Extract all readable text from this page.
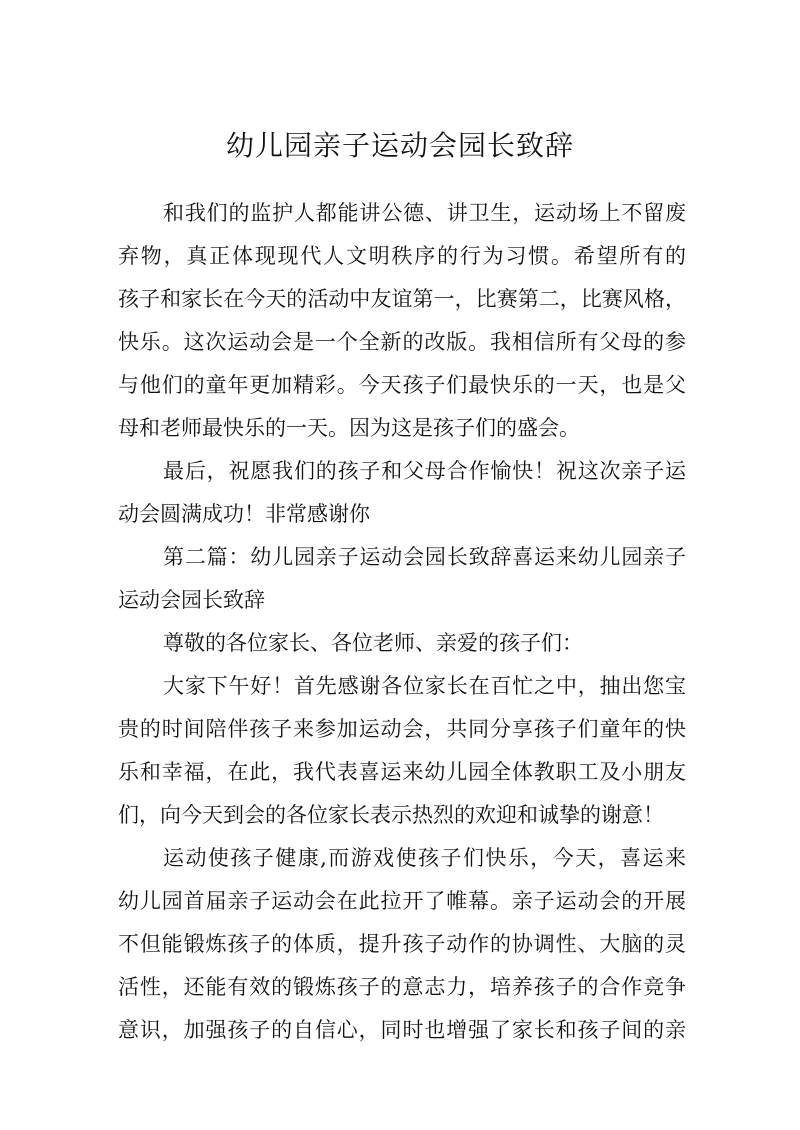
幼儿园亲子运动会园长致辞
和我们的监护人都能讲公德、讲卫生，运动场上不留废
弃物，真正体现现代人文明秩序的行为习惯。希望所有的
孩子和家长在今天的活动中友谊第一，比赛第二，比赛风格，
快乐。这次运动会是一个全新的改版。我相信所有父母的参
与他们的童年更加精彩。今天孩子们最快乐的一天，也是父
母和老师最快乐的一天。因为这是孩子们的盛会。
最后，祝愿我们的孩子和父母合作愉快！祝这次亲子运
动会圆满成功！非常感谢你
第二篇：幼儿园亲子运动会园长致辞喜运来幼儿园亲子
运动会园长致辞
尊敬的各位家长、各位老师、亲爱的孩子们：
大家下午好！首先感谢各位家长在百忙之中，抽出您宝
贵的时间陪伴孩子来参加运动会，共同分享孩子们童年的快
乐和幸福，在此，我代表喜运来幼儿园全体教职工及小朋友
们，向今天到会的各位家长表示热烈的欢迎和诚挚的谢意！
运动使孩子健康,而游戏使孩子们快乐，今天，喜运来
幼儿园首届亲子运动会在此拉开了帷幕。亲子运动会的开展
不但能锻炼孩子的体质，提升孩子动作的协调性、大脑的灵
活性，还能有效的锻炼孩子的意志力，培养孩子的合作竞争
意识，加强孩子的自信心，同时也增强了家长和孩子间的亲
